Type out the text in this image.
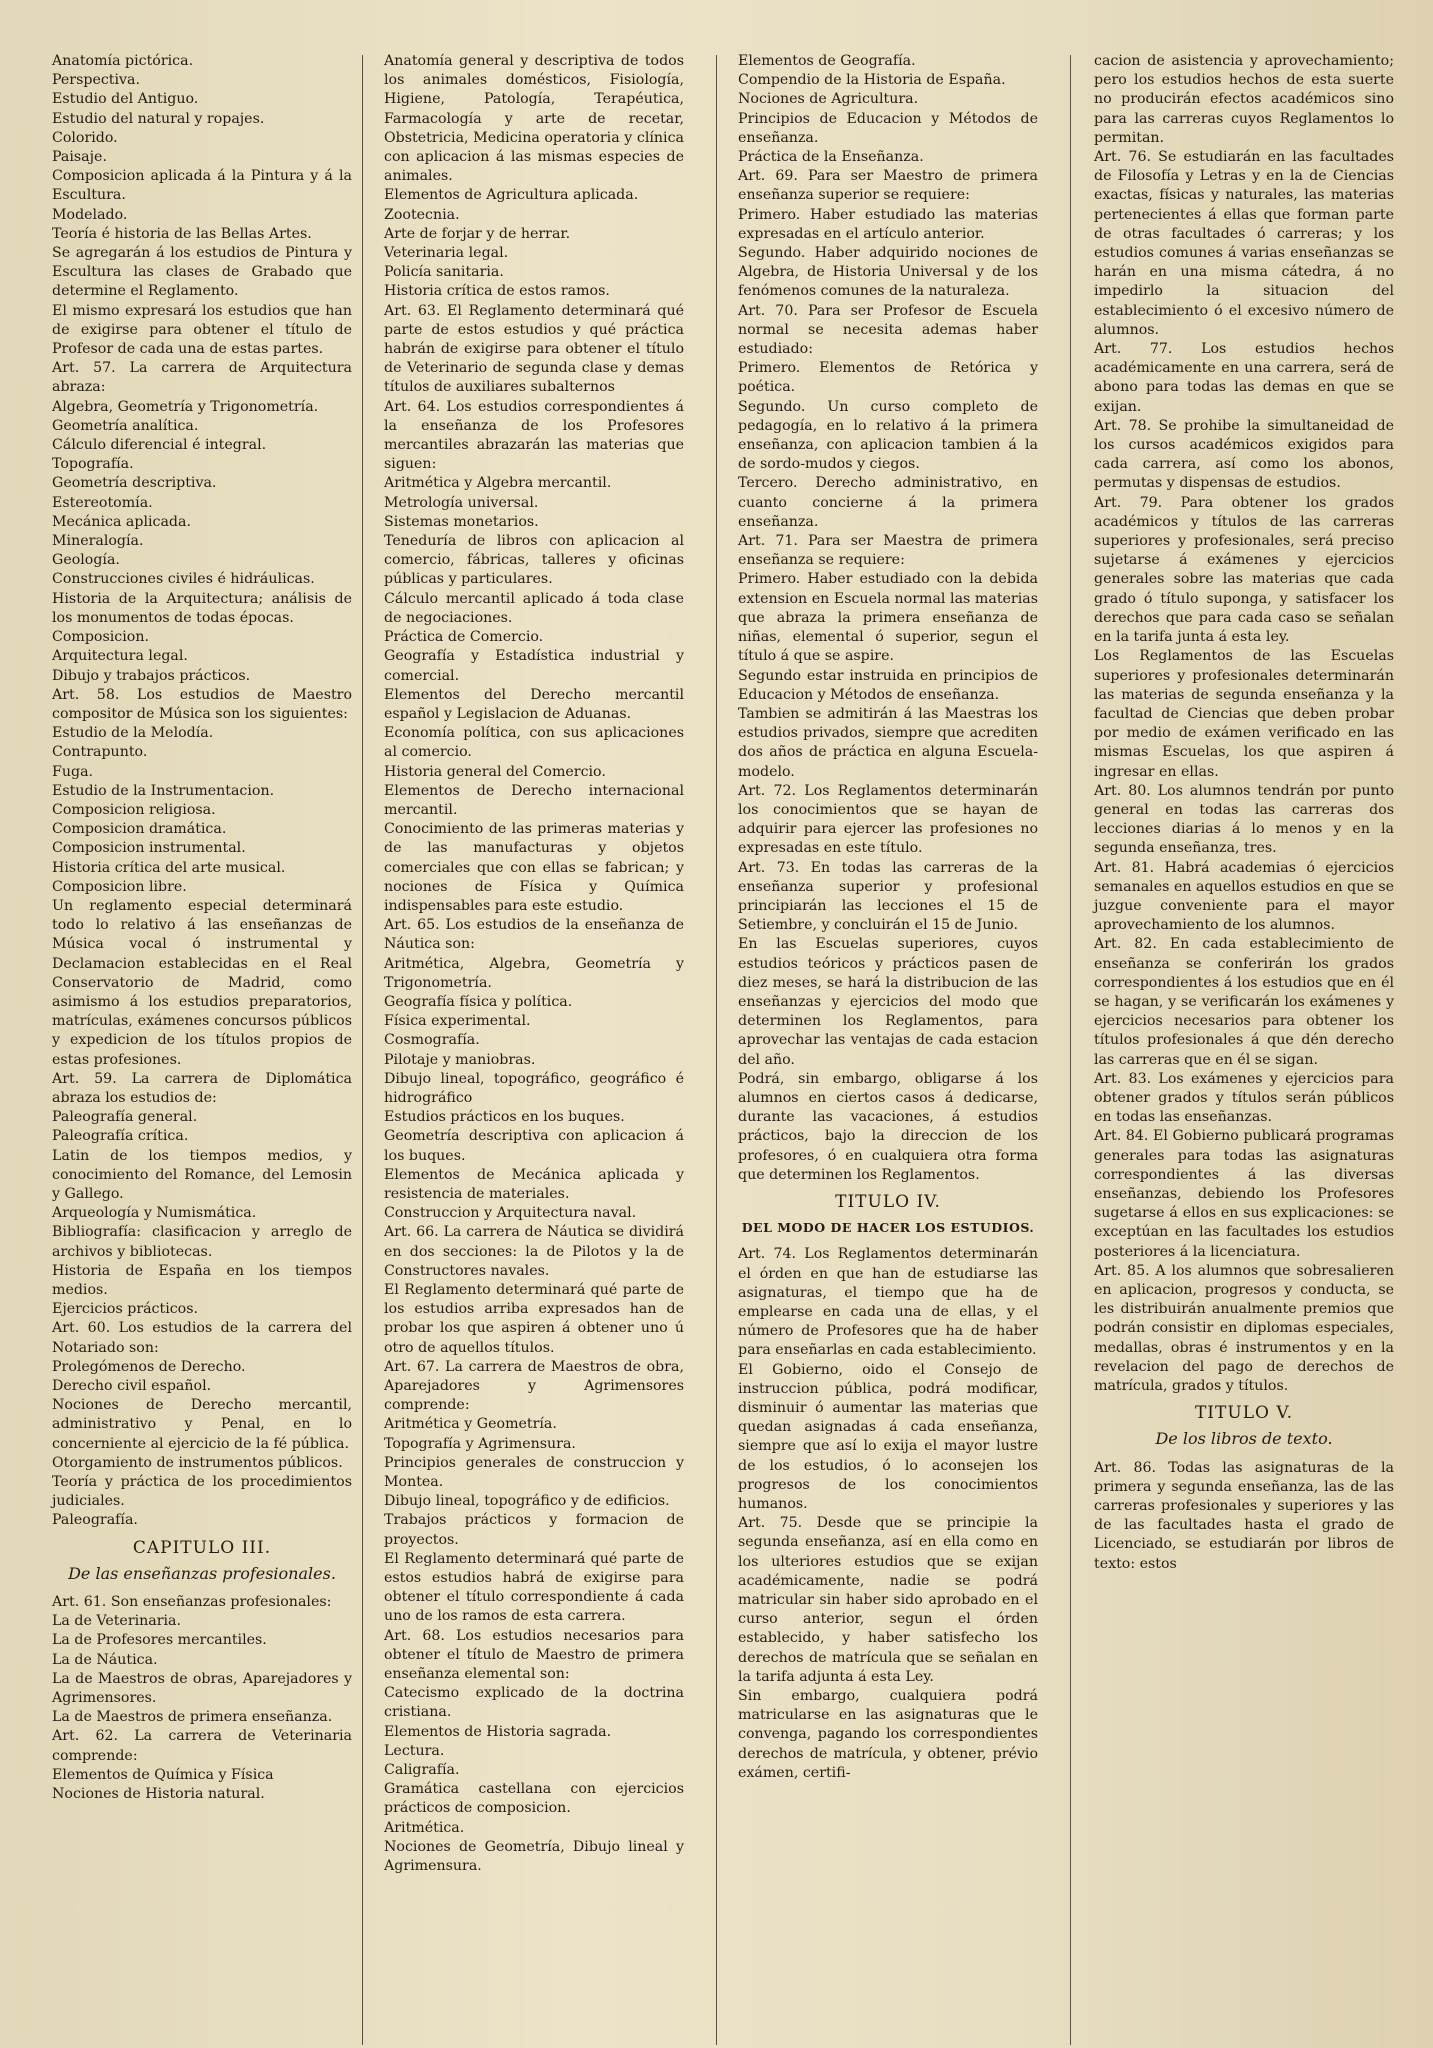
Anatomía pictórica.

Perspectiva.

Estudio del Antiguo.

Estudio del natural y ropajes.

Colorido.

Paisaje.

Composicion aplicada á la Pintura y á la Escultura.

Modelado.

Teoría é historia de las Bellas Artes.

Se agregarán á los estudios de Pintura y Escultura las clases de Grabado que determine el Reglamento.

El mismo expresará los estudios que han de exigirse para obtener el título de Profesor de cada una de estas partes.

Art. 57. La carrera de Arquitectura abraza:

Algebra, Geometría y Trigonometría.

Geometría analítica.

Cálculo diferencial é integral.

Topografía.

Geometría descriptiva.

Estereotomía.

Mecánica aplicada.

Mineralogía.

Geología.

Construcciones civiles é hidráulicas.

Historia de la Arquitectura; análisis de los monumentos de todas épocas.

Composicion.

Arquitectura legal.

Dibujo y trabajos prácticos.

Art. 58. Los estudios de Maestro compositor de Música son los siguientes:

Estudio de la Melodía.

Contrapunto.

Fuga.

Estudio de la Instrumentacion.

Composicion religiosa.

Composicion dramática.

Composicion instrumental.

Historia crítica del arte musical.

Composicion libre.

Un reglamento especial determinará todo lo relativo á las enseñanzas de Música vocal ó instrumental y Declamacion establecidas en el Real Conservatorio de Madrid, como asimismo á los estudios preparatorios, matrículas, exámenes concursos públicos y expedicion de los títulos propios de estas profesiones.

Art. 59. La carrera de Diplomática abraza los estudios de:

Paleografía general.

Paleografía crítica.

Latin de los tiempos medios, y conocimiento del Romance, del Lemosin y Gallego.

Arqueología y Numismática.

Bibliografía: clasificacion y arreglo de archivos y bibliotecas.

Historia de España en los tiempos medios.

Ejercicios prácticos.

Art. 60. Los estudios de la carrera del Notariado son:

Prolegómenos de Derecho.

Derecho civil español.

Nociones de Derecho mercantil, administrativo y Penal, en lo concerniente al ejercicio de la fé pública.

Otorgamiento de instrumentos públicos.

Teoría y práctica de los procedimientos judiciales.

Paleografía.

CAPITULO III.
De las enseñanzas profesionales.

Art. 61. Son enseñanzas profesionales:

La de Veterinaria.

La de Profesores mercantiles.

La de Náutica.

La de Maestros de obras, Aparejadores y Agrimensores.

La de Maestros de primera enseñanza.

Art. 62. La carrera de Veterinaria comprende:

Elementos de Química y Física

Nociones de Historia natural.

Anatomía general y descriptiva de todos los animales domésticos, Fisiología, Higiene, Patología, Terapéutica, Farmacología y arte de recetar, Obstetricia, Medicina operatoria y clínica con aplicacion á las mismas especies de animales.

Elementos de Agricultura aplicada.

Zootecnia.

Arte de forjar y de herrar.

Veterinaria legal.

Policía sanitaria.

Historia crítica de estos ramos.

Art. 63. El Reglamento determinará qué parte de estos estudios y qué práctica habrán de exigirse para obtener el título de Veterinario de segunda clase y demas títulos de auxiliares subalternos

Art. 64. Los estudios correspondientes á la enseñanza de los Profesores mercantiles abrazarán las materias que siguen:

Aritmética y Algebra mercantil.

Metrología universal.

Sistemas monetarios.

Teneduría de libros con aplicacion al comercio, fábricas, talleres y oficinas públicas y particulares.

Cálculo mercantil aplicado á toda clase de negociaciones.

Práctica de Comercio.

Geografía y Estadística industrial y comercial.

Elementos del Derecho mercantil español y Legislacion de Aduanas.

Economía política, con sus aplicaciones al comercio.

Historia general del Comercio.

Elementos de Derecho internacional mercantil.

Conocimiento de las primeras materias y de las manufacturas y objetos comerciales que con ellas se fabrican; y nociones de Física y Química indispensables para este estudio.

Art. 65. Los estudios de la enseñanza de Náutica son:

Aritmética, Algebra, Geometría y Trigonometría.

Geografía física y política.

Física experimental.

Cosmografía.

Pilotaje y maniobras.

Dibujo lineal, topográfico, geográfico é hidrográfico

Estudios prácticos en los buques.

Geometría descriptiva con aplicacion á los buques.

Elementos de Mecánica aplicada y resistencia de materiales.

Construccion y Arquitectura naval.

Art. 66. La carrera de Náutica se dividirá en dos secciones: la de Pilotos y la de Constructores navales.

El Reglamento determinará qué parte de los estudios arriba expresados han de probar los que aspiren á obtener uno ú otro de aquellos títulos.

Art. 67. La carrera de Maestros de obra, Aparejadores y Agrimensores comprende:

Aritmética y Geometría.

Topografía y Agrimensura.

Principios generales de construccion y Montea.

Dibujo lineal, topográfico y de edificios.

Trabajos prácticos y formacion de proyectos.

El Reglamento determinará qué parte de estos estudios habrá de exigirse para obtener el título correspondiente á cada uno de los ramos de esta carrera.

Art. 68. Los estudios necesarios para obtener el título de Maestro de primera enseñanza elemental son:

Catecismo explicado de la doctrina cristiana.

Elementos de Historia sagrada.

Lectura.

Caligrafía.

Gramática castellana con ejercicios prácticos de composicion.

Aritmética.

Nociones de Geometría, Dibujo lineal y Agrimensura.

Elementos de Geografía.

Compendio de la Historia de España.

Nociones de Agricultura.

Principios de Educacion y Métodos de enseñanza.

Práctica de la Enseñanza.

Art. 69. Para ser Maestro de primera enseñanza superior se requiere:

Primero. Haber estudiado las materias expresadas en el artículo anterior.

Segundo. Haber adquirido nociones de Algebra, de Historia Universal y de los fenómenos comunes de la naturaleza.

Art. 70. Para ser Profesor de Escuela normal se necesita ademas haber estudiado:

Primero. Elementos de Retórica y poética.

Segundo. Un curso completo de pedagogía, en lo relativo á la primera enseñanza, con aplicacion tambien á la de sordo-mudos y ciegos.

Tercero. Derecho administrativo, en cuanto concierne á la primera enseñanza.

Art. 71. Para ser Maestra de primera enseñanza se requiere:

Primero. Haber estudiado con la debida extension en Escuela normal las materias que abraza la primera enseñanza de niñas, elemental ó superior, segun el título á que se aspire.

Segundo estar instruida en principios de Educacion y Métodos de enseñanza.

Tambien se admitirán á las Maestras los estudios privados, siempre que acrediten dos años de práctica en alguna Escuela-modelo.

Art. 72. Los Reglamentos determinarán los conocimientos que se hayan de adquirir para ejercer las profesiones no expresadas en este título.

Art. 73. En todas las carreras de la enseñanza superior y profesional principiarán las lecciones el 15 de Setiembre, y concluirán el 15 de Junio.

En las Escuelas superiores, cuyos estudios teóricos y prácticos pasen de diez meses, se hará la distribucion de las enseñanzas y ejercicios del modo que determinen los Reglamentos, para aprovechar las ventajas de cada estacion del año.

Podrá, sin embargo, obligarse á los alumnos en ciertos casos á dedicarse, durante las vacaciones, á estudios prácticos, bajo la direccion de los profesores, ó en cualquiera otra forma que determinen los Reglamentos.

TITULO IV.
DEL MODO DE HACER LOS ESTUDIOS.

Art. 74. Los Reglamentos determinarán el órden en que han de estudiarse las asignaturas, el tiempo que ha de emplearse en cada una de ellas, y el número de Profesores que ha de haber para enseñarlas en cada establecimiento.

El Gobierno, oido el Consejo de instruccion pública, podrá modificar, disminuir ó aumentar las materias que quedan asignadas á cada enseñanza, siempre que así lo exija el mayor lustre de los estudios, ó lo aconsejen los progresos de los conocimientos humanos.

Art. 75. Desde que se principie la segunda enseñanza, así en ella como en los ulteriores estudios que se exijan académicamente, nadie se podrá matricular sin haber sido aprobado en el curso anterior, segun el órden establecido, y haber satisfecho los derechos de matrícula que se señalan en la tarifa adjunta á esta Ley.

Sin embargo, cualquiera podrá matricularse en las asignaturas que le convenga, pagando los correspondientes derechos de matrícula, y obtener, prévio exámen, certifi-

cacion de asistencia y aprovechamiento; pero los estudios hechos de esta suerte no producirán efectos académicos sino para las carreras cuyos Reglamentos lo permitan.

Art. 76. Se estudiarán en las facultades de Filosofía y Letras y en la de Ciencias exactas, físicas y naturales, las materias pertenecientes á ellas que forman parte de otras facultades ó carreras; y los estudios comunes á varias enseñanzas se harán en una misma cátedra, á no impedirlo la situacion del establecimiento ó el excesivo número de alumnos.

Art. 77. Los estudios hechos académicamente en una carrera, será de abono para todas las demas en que se exijan.

Art. 78. Se prohibe la simultaneidad de los cursos académicos exigidos para cada carrera, así como los abonos, permutas y dispensas de estudios.

Art. 79. Para obtener los grados académicos y títulos de las carreras superiores y profesionales, será preciso sujetarse á exámenes y ejercicios generales sobre las materias que cada grado ó título suponga, y satisfacer los derechos que para cada caso se señalan en la tarifa junta á esta ley.

Los Reglamentos de las Escuelas superiores y profesionales determinarán las materias de segunda enseñanza y la facultad de Ciencias que deben probar por medio de exámen verificado en las mismas Escuelas, los que aspiren á ingresar en ellas.

Art. 80. Los alumnos tendrán por punto general en todas las carreras dos lecciones diarias á lo menos y en la segunda enseñanza, tres.

Art. 81. Habrá academias ó ejercicios semanales en aquellos estudios en que se juzgue conveniente para el mayor aprovechamiento de los alumnos.

Art. 82. En cada establecimiento de enseñanza se conferirán los grados correspondientes á los estudios que en él se hagan, y se verificarán los exámenes y ejercicios necesarios para obtener los títulos profesionales á que dén derecho las carreras que en él se sigan.

Art. 83. Los exámenes y ejercicios para obtener grados y títulos serán públicos en todas las enseñanzas.

Art. 84. El Gobierno publicará programas generales para todas las asignaturas correspondientes á las diversas enseñanzas, debiendo los Profesores sugetarse á ellos en sus explicaciones: se exceptúan en las facultades los estudios posteriores á la licenciatura.

Art. 85. A los alumnos que sobresalieren en aplicacion, progresos y conducta, se les distribuirán anualmente premios que podrán consistir en diplomas especiales, medallas, obras é instrumentos y en la revelacion del pago de derechos de matrícula, grados y títulos.

TITULO V.
De los libros de texto.

Art. 86. Todas las asignaturas de la primera y segunda enseñanza, las de las carreras profesionales y superiores y las de las facultades hasta el grado de Licenciado, se estudiarán por libros de texto: estos
